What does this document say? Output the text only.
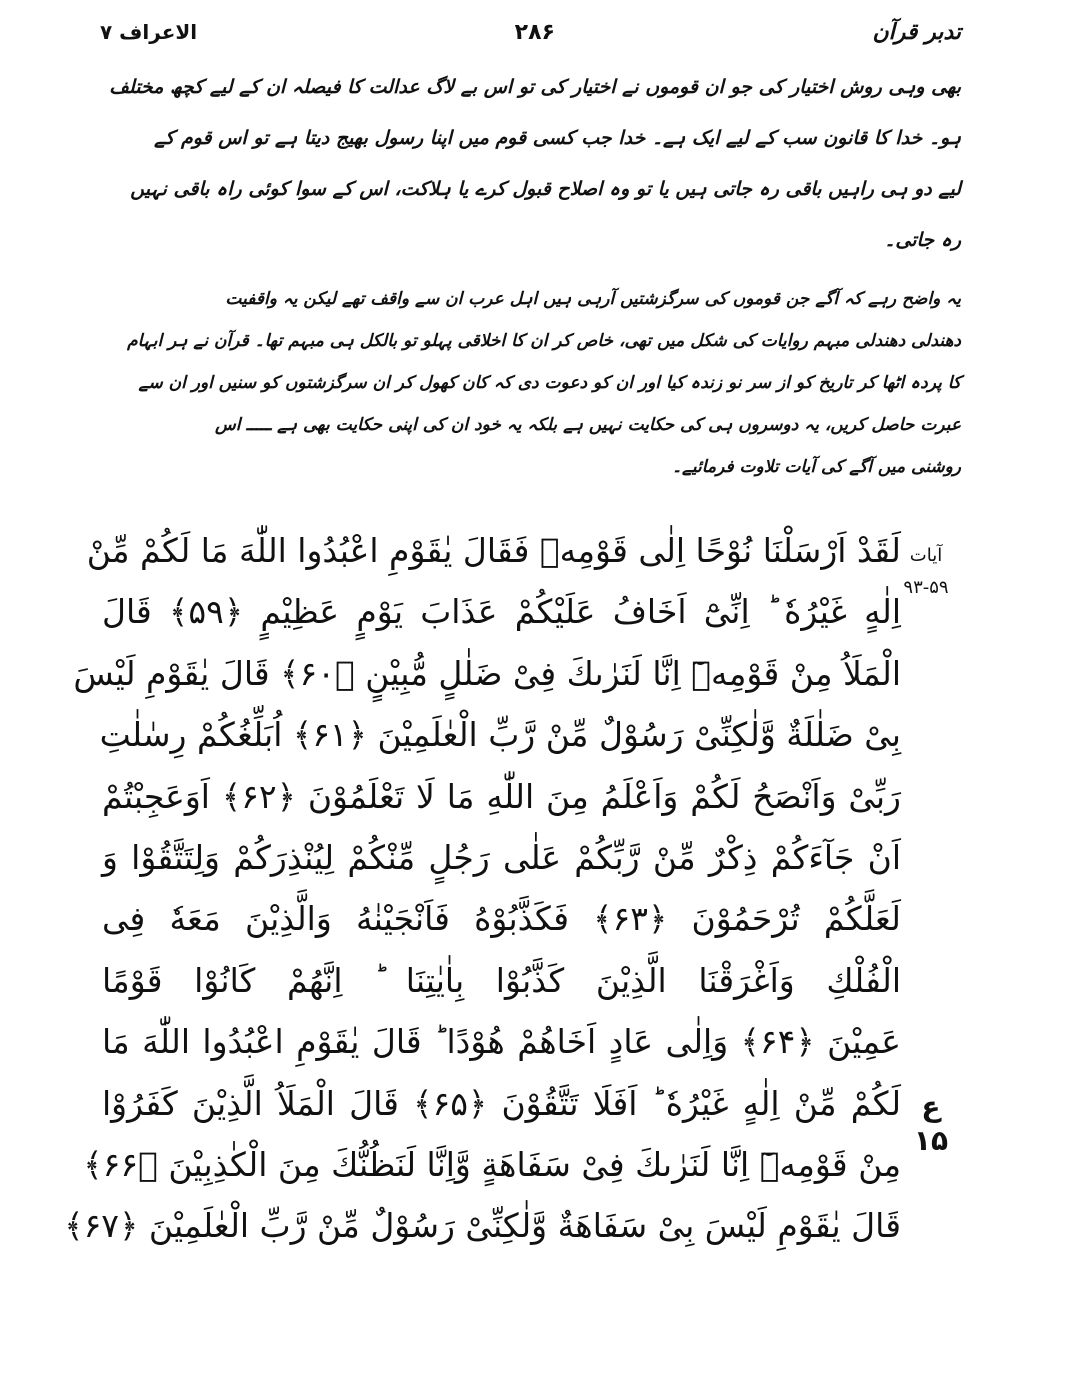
الاعراف ۷	۲۸۶	تدبر قرآن
بھی وہی روش اختیار کی جو ان قوموں نے اختیار کی تو اس بے لاگ عدالت کا فیصلہ ان کے لیے کچھ مختلف
ہو۔ خدا کا قانون سب کے لیے ایک ہے۔ خدا جب کسی قوم میں اپنا رسول بھیج دیتا ہے تو اس قوم کے
لیے دو ہی راہیں باقی رہ جاتی ہیں یا تو وہ اصلاح قبول کرے یا ہلاکت، اس کے سوا کوئی راہ باقی نہیں
رہ جاتی۔
یہ واضح رہے کہ آگے جن قوموں کی سرگزشتیں آرہی ہیں اہل عرب ان سے واقف تھے لیکن یہ واقفیت
دھندلی دھندلی مبہم روایات کی شکل میں تھی، خاص کر ان کا اخلاقی پہلو تو بالکل ہی مبہم تھا۔ قرآن نے ہر ابہام
کا پردہ اٹھا کر تاریخ کو از سر نو زندہ کیا اور ان کو دعوت دی کہ کان کھول کر ان سرگزشتوں کو سنیں اور ان سے
عبرت حاصل کریں، یہ دوسروں ہی کی حکایت نہیں ہے بلکہ یہ خود ان کی اپنی حکایت بھی ہے ـــــ اس
روشنی میں آگے کی آیات تلاوت فرمائیے۔
آیات
۹۳-۵۹
لَقَدْ اَرْسَلْنَا نُوْحًا اِلٰى قَوْمِهٖ فَقَالَ يٰقَوْمِ اعْبُدُوا اللّٰهَ مَا لَكُمْ مِّنْ
اِلٰهٍ غَيْرُهٗ ؕ اِنِّیْٓ اَخَافُ عَلَيْكُمْ عَذَابَ يَوْمٍ عَظِيْمٍ ﴿۵۹﴾ قَالَ
الْمَلَاُ مِنْ قَوْمِهٖٓ اِنَّا لَنَرٰىكَ فِیْ ضَلٰلٍ مُّبِيْنٍ ﴿۶۰﴾ قَالَ يٰقَوْمِ لَيْسَ
بِیْ ضَلٰلَةٌ وَّلٰكِنِّیْ رَسُوْلٌ مِّنْ رَّبِّ الْعٰلَمِيْنَ ﴿۶۱﴾ اُبَلِّغُكُمْ رِسٰلٰتِ
رَبِّیْ وَاَنْصَحُ لَكُمْ وَاَعْلَمُ مِنَ اللّٰهِ مَا لَا تَعْلَمُوْنَ ﴿۶۲﴾ اَوَعَجِبْتُمْ
اَنْ جَآءَكُمْ ذِكْرٌ مِّنْ رَّبِّكُمْ عَلٰى رَجُلٍ مِّنْكُمْ لِيُنْذِرَكُمْ وَلِتَتَّقُوْا وَ
لَعَلَّكُمْ تُرْحَمُوْنَ ﴿۶۳﴾ فَكَذَّبُوْهُ فَاَنْجَيْنٰهُ وَالَّذِيْنَ مَعَهٗ فِی
الْفُلْكِ وَاَغْرَقْنَا الَّذِيْنَ كَذَّبُوْا بِاٰيٰتِنَا ؕ اِنَّهُمْ كَانُوْا قَوْمًا
عَمِيْنَ ﴿۶۴﴾ وَاِلٰى عَادٍ اَخَاهُمْ هُوْدًا ؕ قَالَ يٰقَوْمِ اعْبُدُوا اللّٰهَ مَا
لَكُمْ مِّنْ اِلٰهٍ غَيْرُهٗ ؕ اَفَلَا تَتَّقُوْنَ ﴿۶۵﴾ قَالَ الْمَلَاُ الَّذِيْنَ كَفَرُوْا
مِنْ قَوْمِهٖٓ اِنَّا لَنَرٰىكَ فِیْ سَفَاهَةٍ وَّاِنَّا لَنَظُنُّكَ مِنَ الْكٰذِبِيْنَ ﴿۶۶﴾
قَالَ يٰقَوْمِ لَيْسَ بِیْ سَفَاهَةٌ وَّلٰكِنِّیْ رَسُوْلٌ مِّنْ رَّبِّ الْعٰلَمِيْنَ ﴿۶۷﴾
ع
۱۵
